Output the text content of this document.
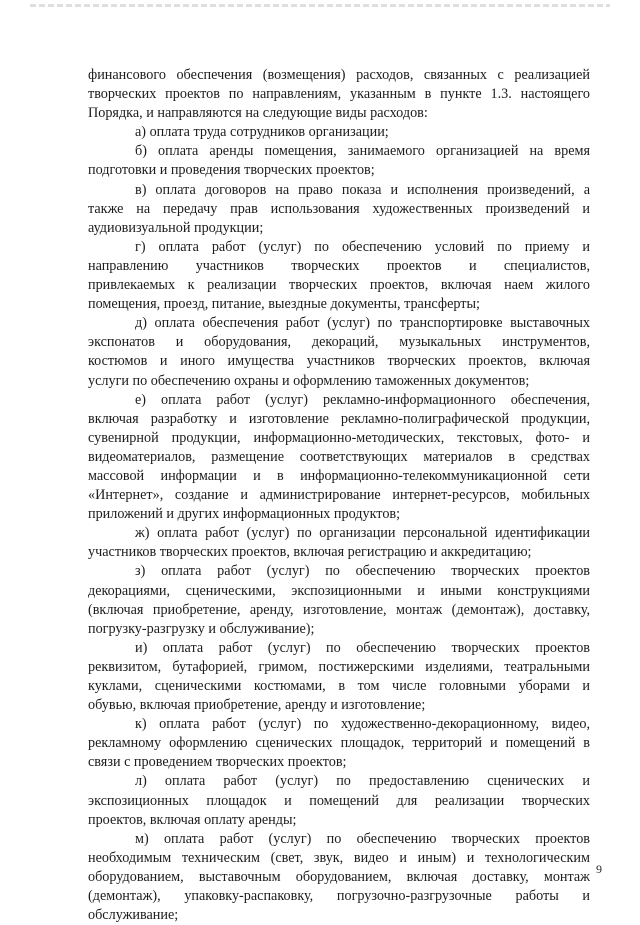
финансового обеспечения (возмещения) расходов, связанных с реализацией
творческих проектов по направлениям, указанным в пункте 1.3. настоящего
Порядка, и направляются на следующие виды расходов:
а) оплата труда сотрудников организации;
б) оплата аренды помещения, занимаемого организацией на время
подготовки и проведения творческих проектов;
в) оплата договоров на право показа и исполнения произведений, а
также на передачу прав использования художественных произведений и
аудиовизуальной продукции;
г) оплата работ (услуг) по обеспечению условий по приему и
направлению участников творческих проектов и специалистов,
привлекаемых к реализации творческих проектов, включая наем жилого
помещения, проезд, питание, выездные документы, трансферты;
д) оплата обеспечения работ (услуг) по транспортировке выставочных
экспонатов и оборудования, декораций, музыкальных инструментов,
костюмов и иного имущества участников творческих проектов, включая
услуги по обеспечению охраны и оформлению таможенных документов;
е) оплата работ (услуг) рекламно-информационного обеспечения,
включая разработку и изготовление рекламно-полиграфической продукции,
сувенирной продукции, информационно-методических, текстовых, фото- и
видеоматериалов, размещение соответствующих материалов в средствах
массовой информации и в информационно-телекоммуникационной сети
«Интернет», создание и администрирование интернет-ресурсов, мобильных
приложений и других информационных продуктов;
ж) оплата работ (услуг) по организации персональной идентификации
участников творческих проектов, включая регистрацию и аккредитацию;
з) оплата работ (услуг) по обеспечению творческих проектов
декорациями, сценическими, экспозиционными и иными конструкциями
(включая приобретение, аренду, изготовление, монтаж (демонтаж), доставку,
погрузку-разгрузку и обслуживание);
и) оплата работ (услуг) по обеспечению творческих проектов
реквизитом, бутафорией, гримом, постижерскими изделиями, театральными
куклами, сценическими костюмами, в том числе головными уборами и
обувью, включая приобретение, аренду и изготовление;
к) оплата работ (услуг) по художественно-декорационному, видео,
рекламному оформлению сценических площадок, территорий и помещений в
связи с проведением творческих проектов;
л) оплата работ (услуг) по предоставлению сценических и
экспозиционных площадок и помещений для реализации творческих
проектов, включая оплату аренды;
м) оплата работ (услуг) по обеспечению творческих проектов
необходимым техническим (свет, звук, видео и иным) и технологическим
оборудованием, выставочным оборудованием, включая доставку, монтаж
(демонтаж), упаковку-распаковку, погрузочно-разгрузочные работы и
обслуживание;
9
